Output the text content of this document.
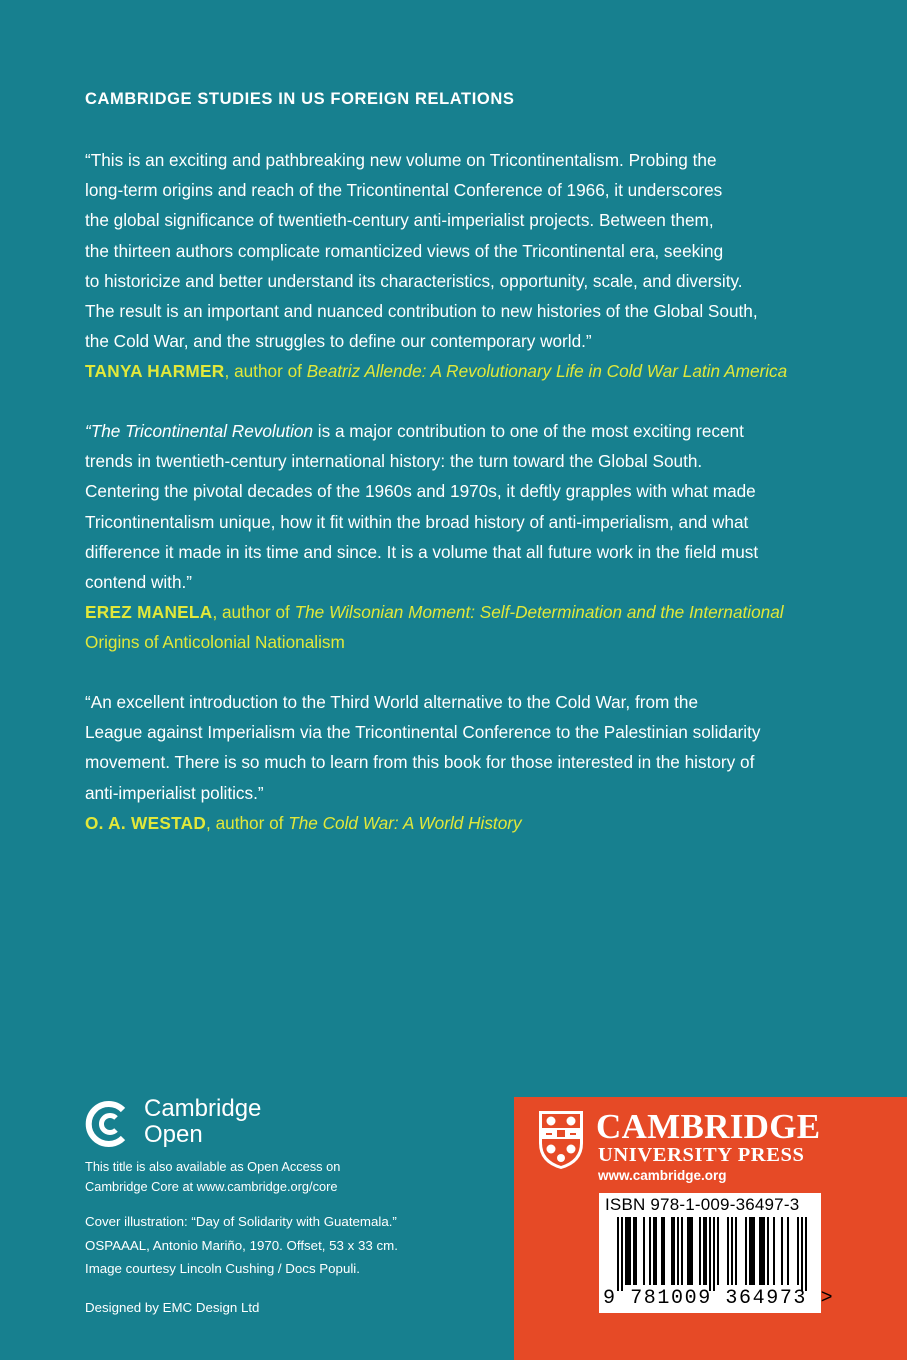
CAMBRIDGE STUDIES IN US FOREIGN RELATIONS
“This is an exciting and pathbreaking new volume on Tricontinentalism. Probing the
long-term origins and reach of the Tricontinental Conference of 1966, it underscores
the global significance of twentieth-century anti-imperialist projects. Between them,
the thirteen authors complicate romanticized views of the Tricontinental era, seeking
to historicize and better understand its characteristics, opportunity, scale, and diversity.
The result is an important and nuanced contribution to new histories of the Global South,
the Cold War, and the struggles to define our contemporary world.”
TANYA HARMER, author of Beatriz Allende: A Revolutionary Life in Cold War Latin America
“The Tricontinental Revolution is a major contribution to one of the most exciting recent
trends in twentieth-century international history: the turn toward the Global South.
Centering the pivotal decades of the 1960s and 1970s, it deftly grapples with what made
Tricontinentalism unique, how it fit within the broad history of anti-imperialism, and what
difference it made in its time and since. It is a volume that all future work in the field must
contend with.”
EREZ MANELA, author of The Wilsonian Moment: Self-Determination and the International
Origins of Anticolonial Nationalism
“An excellent introduction to the Third World alternative to the Cold War, from the
League against Imperialism via the Tricontinental Conference to the Palestinian solidarity
movement. There is so much to learn from this book for those interested in the history of
anti-imperialist politics.”
O. A. WESTAD, author of The Cold War: A World History
Cambridge
Open
This title is also available as Open Access on
Cambridge Core at www.cambridge.org/core
Cover illustration: “Day of Solidarity with Guatemala.”
OSPAAAL, Antonio Mariño, 1970. Offset, 53 x 33 cm.
Image courtesy Lincoln Cushing / Docs Populi.
Designed by EMC Design Ltd
CAMBRIDGE
UNIVERSITY PRESS
www.cambridge.org
ISBN 978-1-009-36497-3
9 781009 364973 >
